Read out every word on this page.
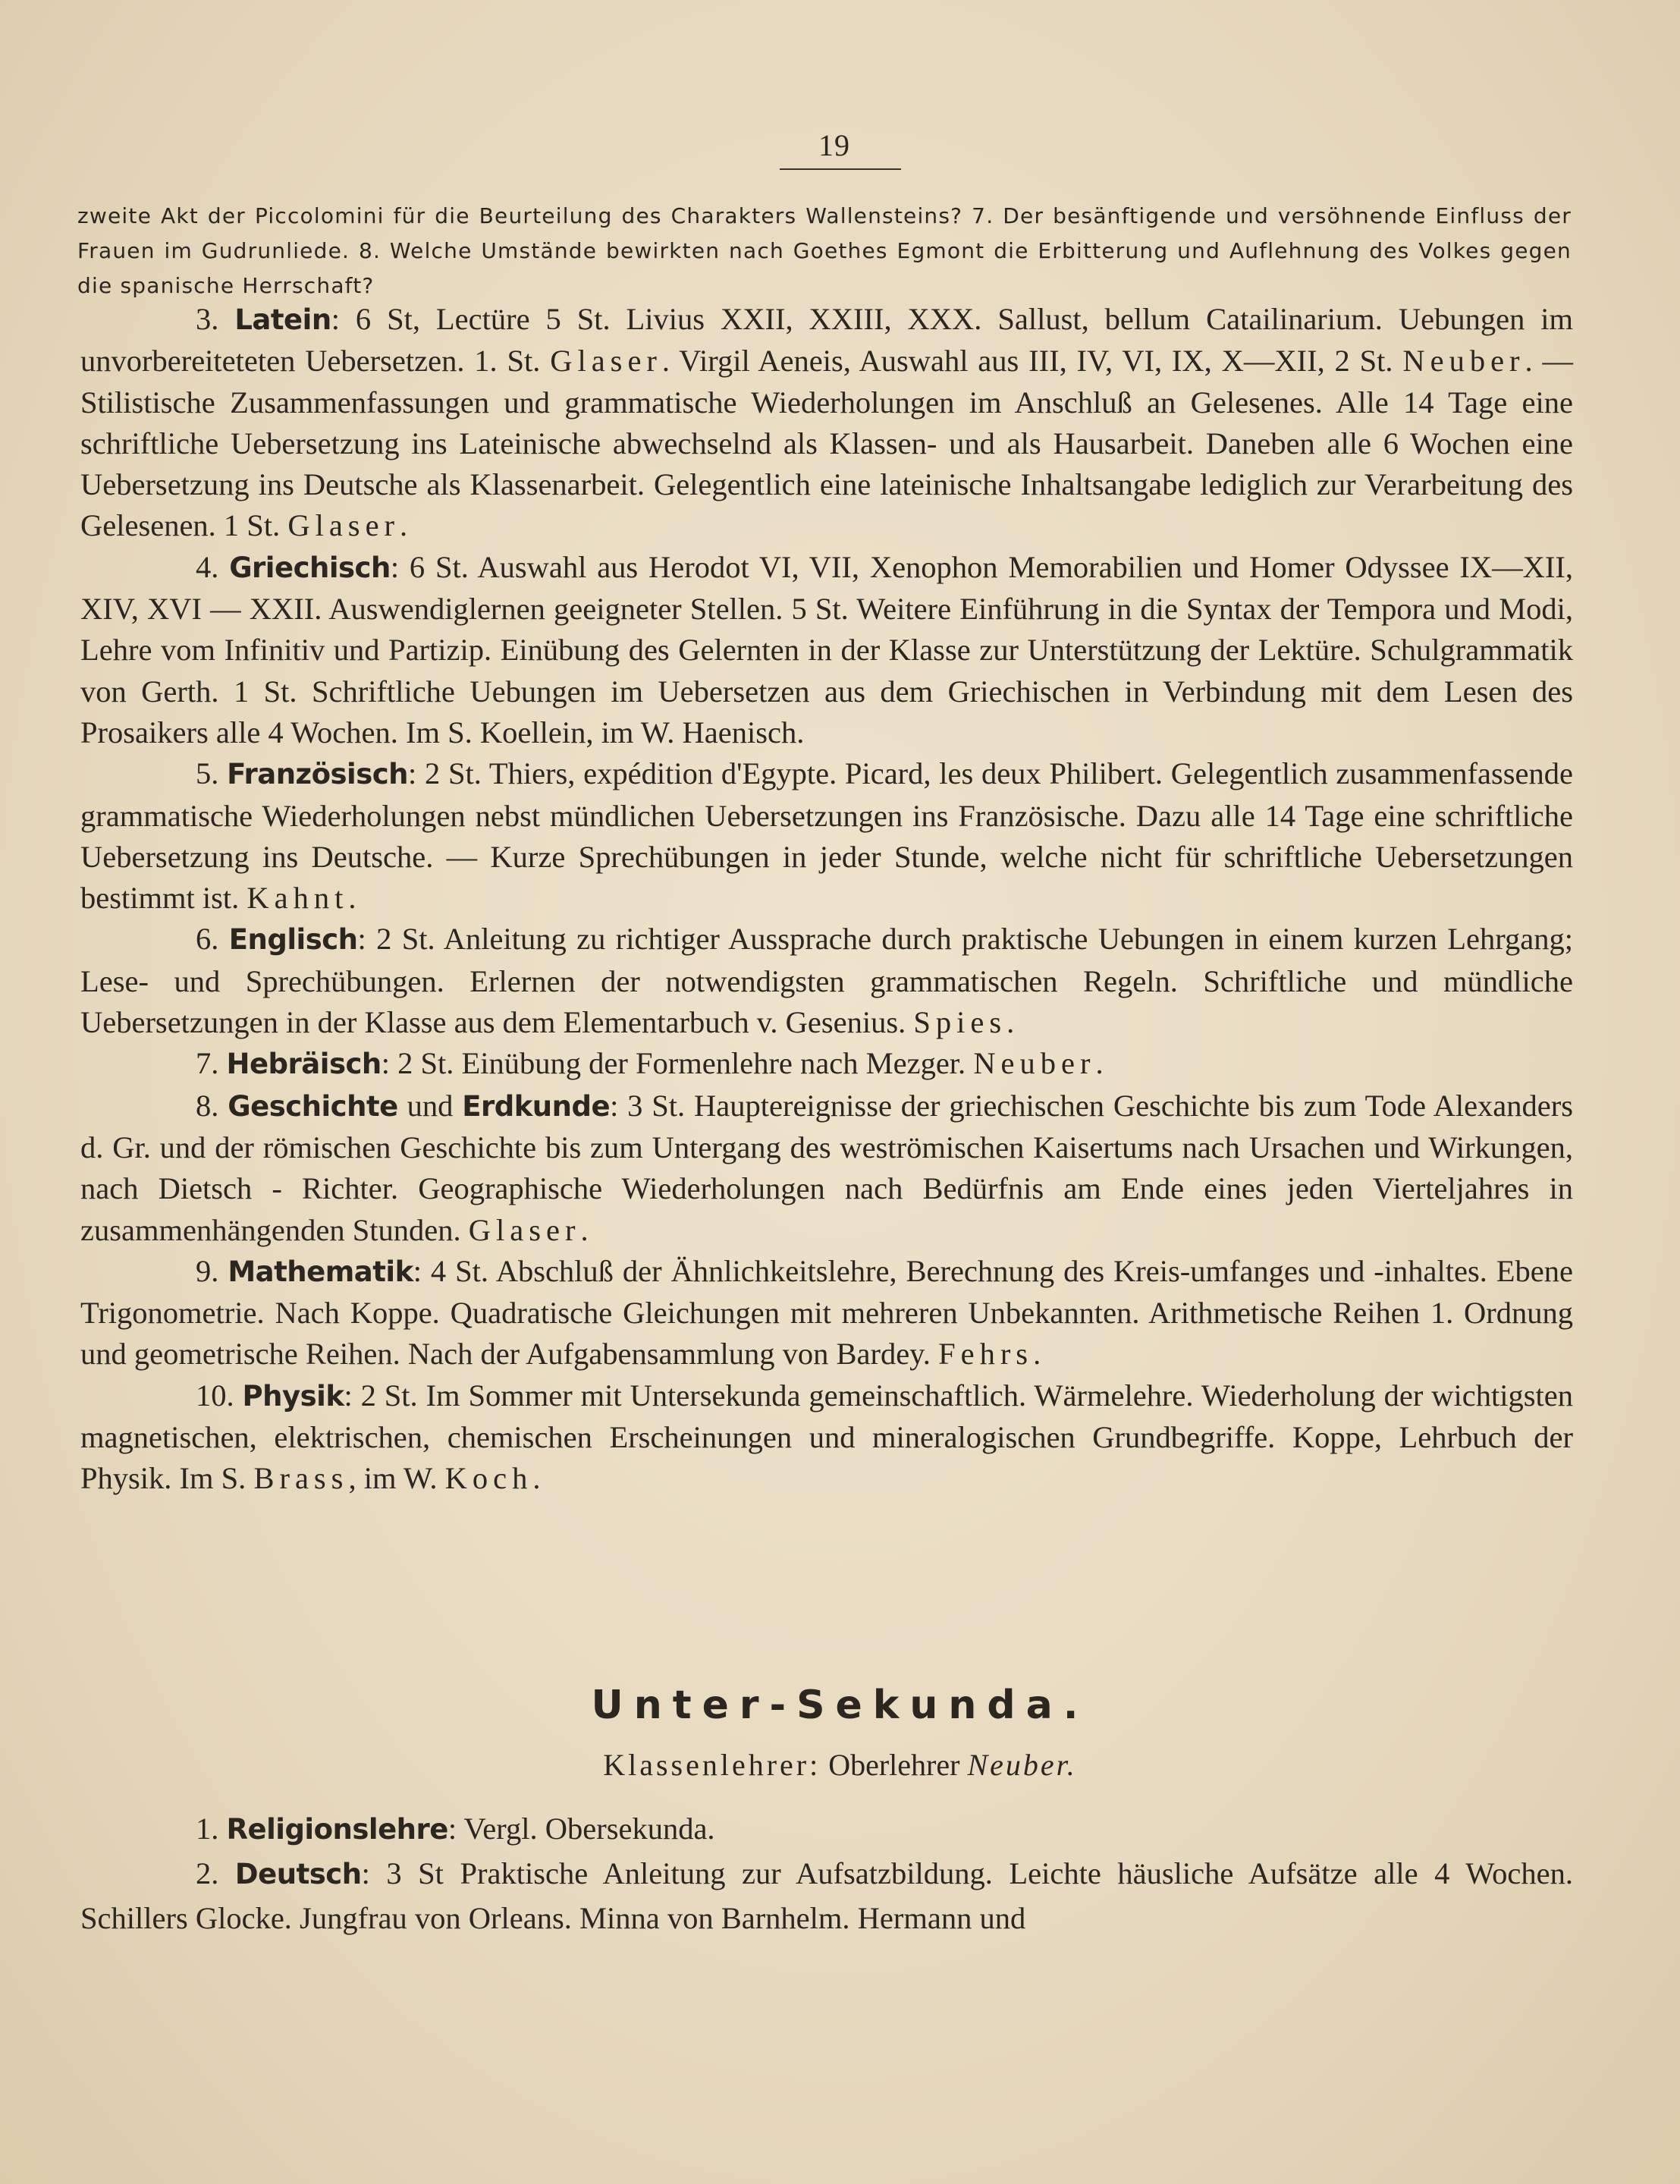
19

zweite Akt der Piccolomini für die Beurteilung des Charakters Wallensteins? 7. Der besänftigende und versöhnende Einfluss der Frauen im Gudrunliede. 8. Welche Umstände bewirkten nach Goethes Egmont die Erbitterung und Auflehnung des Volkes gegen die spanische Herrschaft?

3. Latein: 6 St, Lectüre 5 St. Livius XXII, XXIII, XXX. Sallust, bellum Catailinarium. Uebungen im unvorbereiteteten Uebersetzen. 1. St. Glaser. Virgil Aeneis, Auswahl aus III, IV, VI, IX, X—XII, 2 St. Neuber. — Stilistische Zusammenfassungen und grammatische Wiederholungen im Anschluß an Gelesenes. Alle 14 Tage eine schriftliche Uebersetzung ins Lateinische abwechselnd als Klassen- und als Hausarbeit. Daneben alle 6 Wochen eine Uebersetzung ins Deutsche als Klassenarbeit. Gelegentlich eine lateinische Inhaltsangabe lediglich zur Verarbeitung des Gelesenen. 1 St. Glaser.

4. Griechisch: 6 St. Auswahl aus Herodot VI, VII, Xenophon Memorabilien und Homer Odyssee IX—XII, XIV, XVI — XXII. Auswendiglernen geeigneter Stellen. 5 St. Weitere Einführung in die Syntax der Tempora und Modi, Lehre vom Infinitiv und Partizip. Einübung des Gelernten in der Klasse zur Unterstützung der Lektüre. Schulgrammatik von Gerth. 1 St. Schriftliche Uebungen im Uebersetzen aus dem Griechischen in Verbindung mit dem Lesen des Prosaikers alle 4 Wochen. Im S. Koellein, im W. Haenisch.

5. Französisch: 2 St. Thiers, expédition d'Egypte. Picard, les deux Philibert. Gelegentlich zusammenfassende grammatische Wiederholungen nebst mündlichen Uebersetzungen ins Französische. Dazu alle 14 Tage eine schriftliche Uebersetzung ins Deutsche. — Kurze Sprechübungen in jeder Stunde, welche nicht für schriftliche Uebersetzungen bestimmt ist. Kahnt.

6. Englisch: 2 St. Anleitung zu richtiger Aussprache durch praktische Uebungen in einem kurzen Lehrgang; Lese- und Sprechübungen. Erlernen der notwendigsten grammatischen Regeln. Schriftliche und mündliche Uebersetzungen in der Klasse aus dem Elementarbuch v. Gesenius. Spies.

7. Hebräisch: 2 St. Einübung der Formenlehre nach Mezger. Neuber.

8. Geschichte und Erdkunde: 3 St. Hauptereignisse der griechischen Geschichte bis zum Tode Alexanders d. Gr. und der römischen Geschichte bis zum Untergang des weströmischen Kaisertums nach Ursachen und Wirkungen, nach Dietsch - Richter. Geographische Wiederholungen nach Bedürfnis am Ende eines jeden Vierteljahres in zusammenhängenden Stunden. Glaser.

9. Mathematik: 4 St. Abschluß der Ähnlichkeitslehre, Berechnung des Kreis-umfanges und -inhaltes. Ebene Trigonometrie. Nach Koppe. Quadratische Gleichungen mit mehreren Unbekannten. Arithmetische Reihen 1. Ordnung und geometrische Reihen. Nach der Aufgabensammlung von Bardey. Fehrs.

10. Physik: 2 St. Im Sommer mit Untersekunda gemeinschaftlich. Wärmelehre. Wiederholung der wichtigsten magnetischen, elektrischen, chemischen Erscheinungen und mineralogischen Grundbegriffe. Koppe, Lehrbuch der Physik. Im S. Brass, im W. Koch.

Unter-Sekunda.
Klassenlehrer: Oberlehrer Neuber.

1. Religionslehre: Vergl. Obersekunda.

2. Deutsch: 3 St Praktische Anleitung zur Aufsatzbildung. Leichte häusliche Aufsätze alle 4 Wochen. Schillers Glocke. Jungfrau von Orleans. Minna von Barnhelm. Hermann und
